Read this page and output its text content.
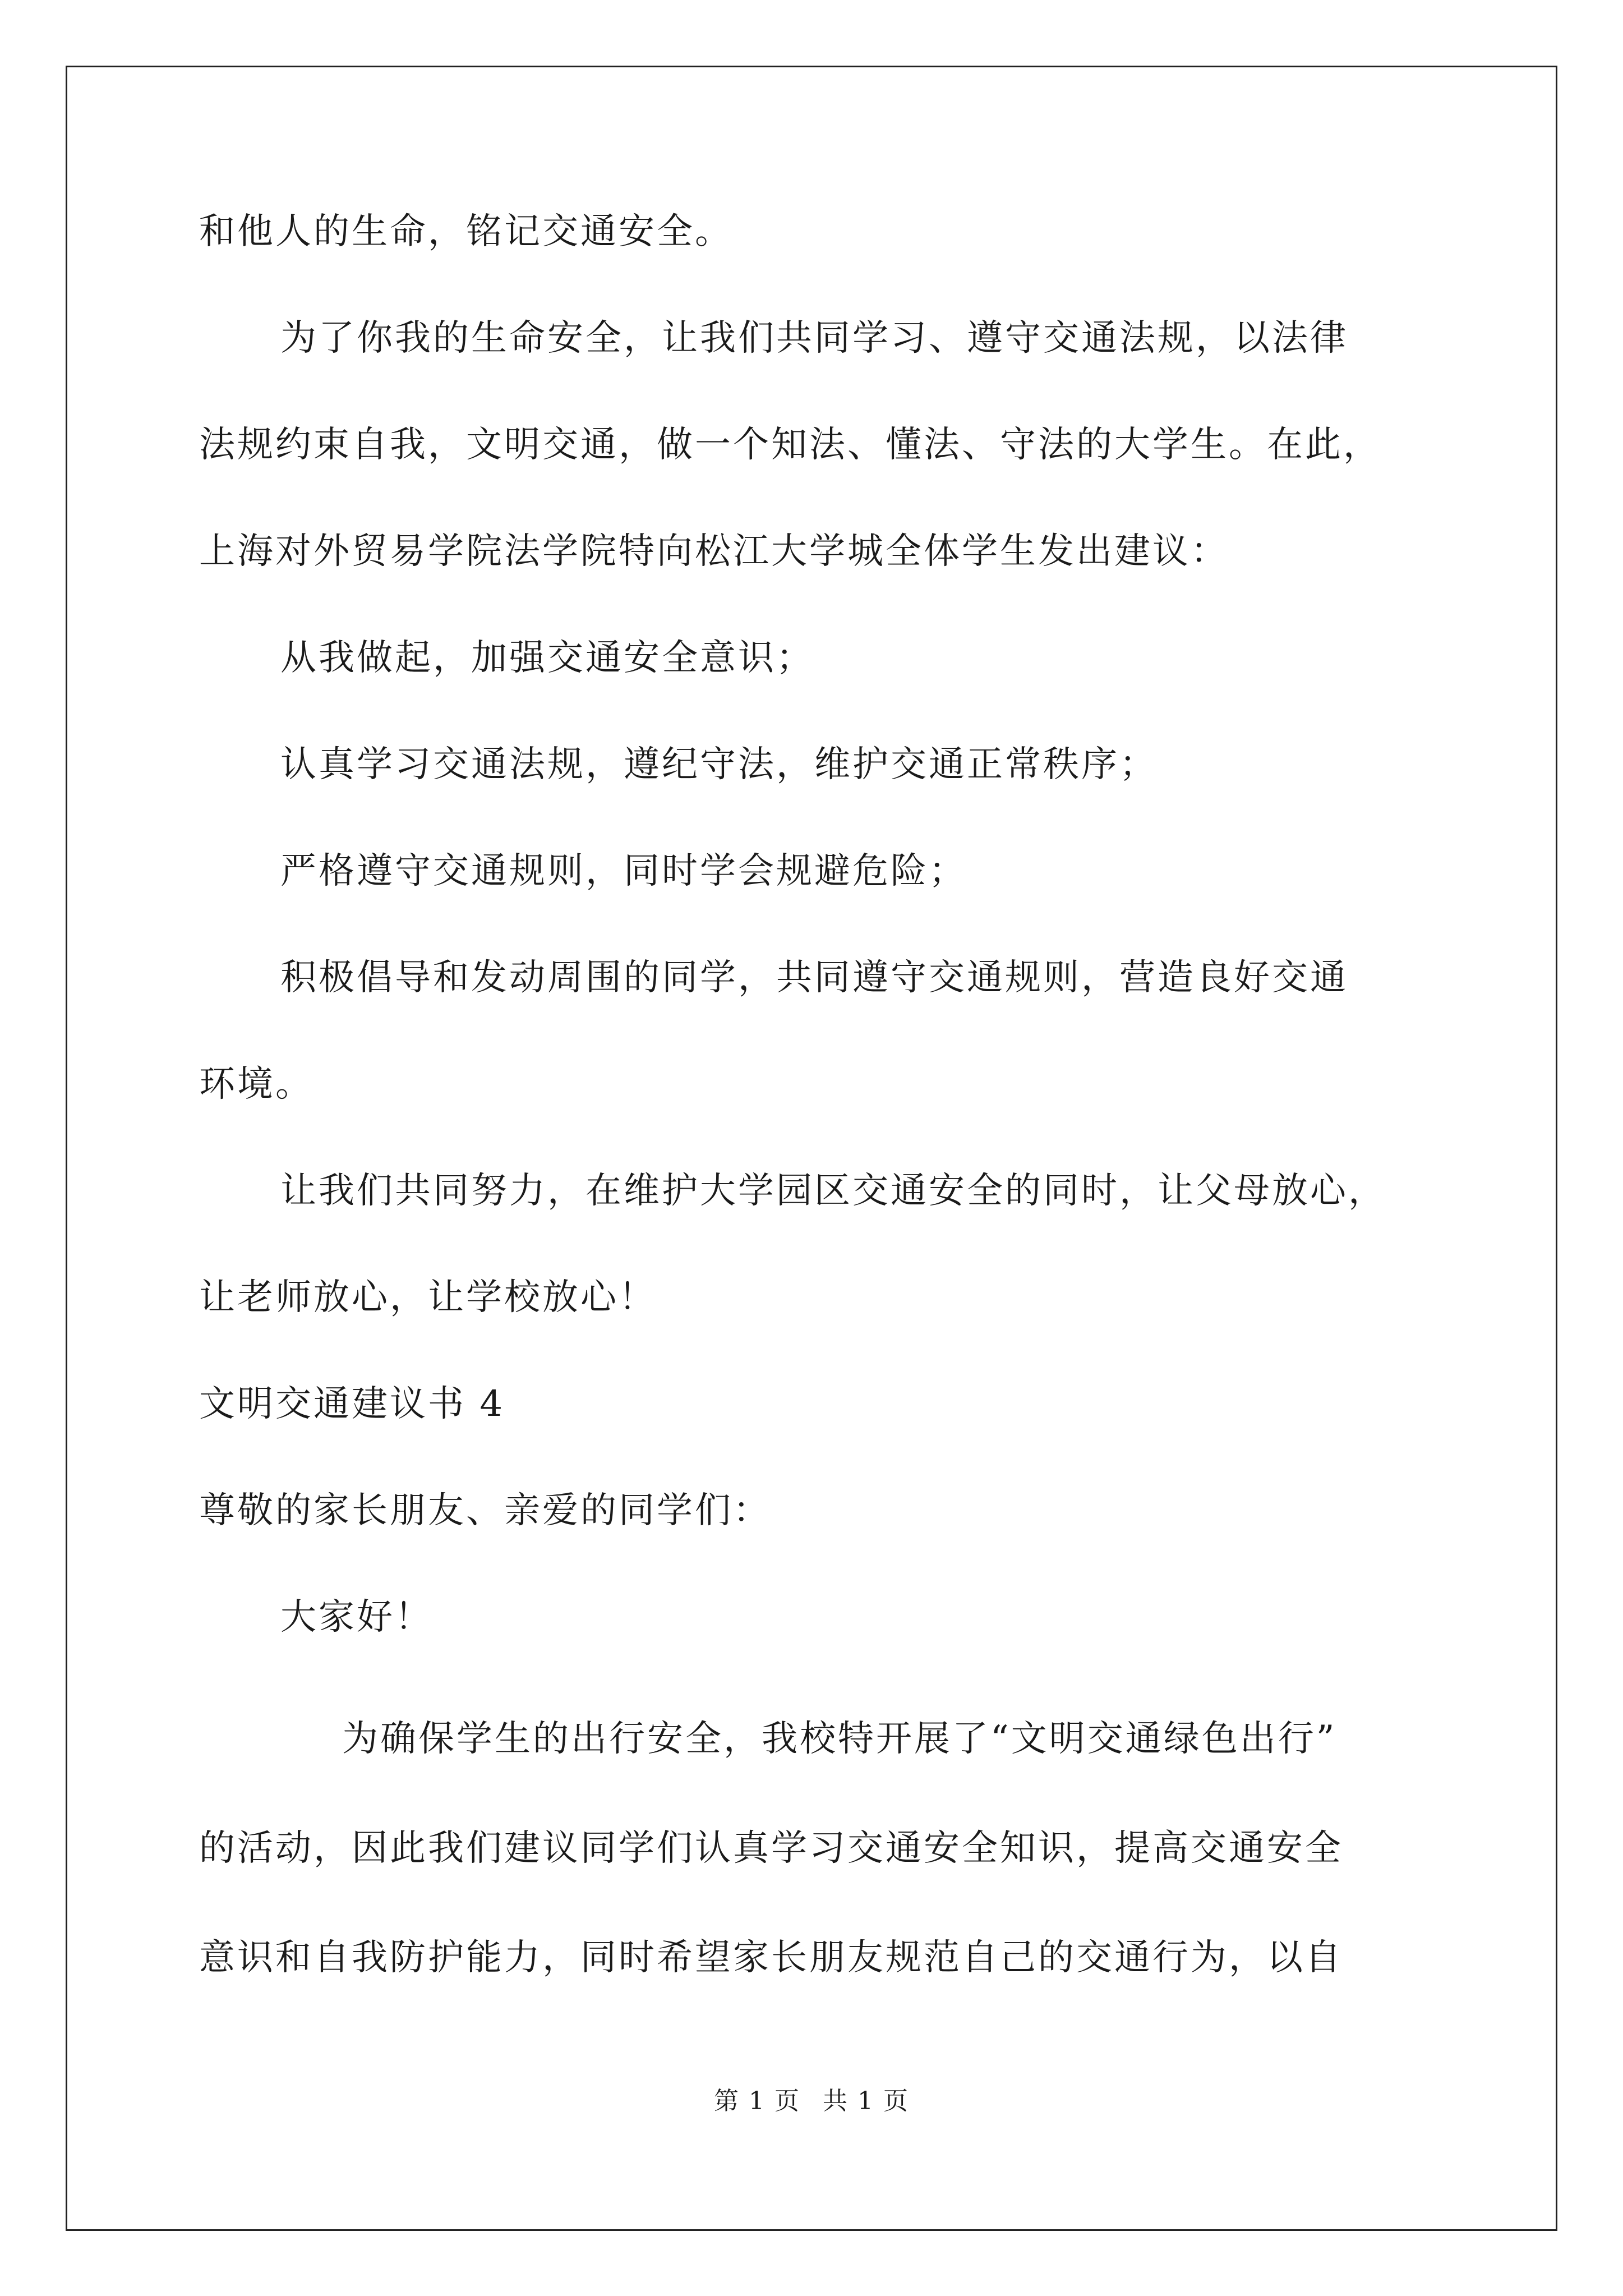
和他人的生命，铭记交通安全。
为了你我的生命安全，让我们共同学习、遵守交通法规，以法律
法规约束自我，文明交通，做一个知法、懂法、守法的大学生。在此，
上海对外贸易学院法学院特向松江大学城全体学生发出建议：
从我做起，加强交通安全意识；
认真学习交通法规，遵纪守法，维护交通正常秩序；
严格遵守交通规则，同时学会规避危险；
积极倡导和发动周围的同学，共同遵守交通规则，营造良好交通
环境。
让我们共同努力，在维护大学园区交通安全的同时，让父母放心，
让老师放心，让学校放心！
文明交通建议书 4
尊敬的家长朋友、亲爱的同学们：
大家好！
为确保学生的出行安全，我校特开展了“文明交通绿色出行”
的活动，因此我们建议同学们认真学习交通安全知识，提高交通安全
意识和自我防护能力，同时希望家长朋友规范自己的交通行为，以自
第 1 页 共 1 页
